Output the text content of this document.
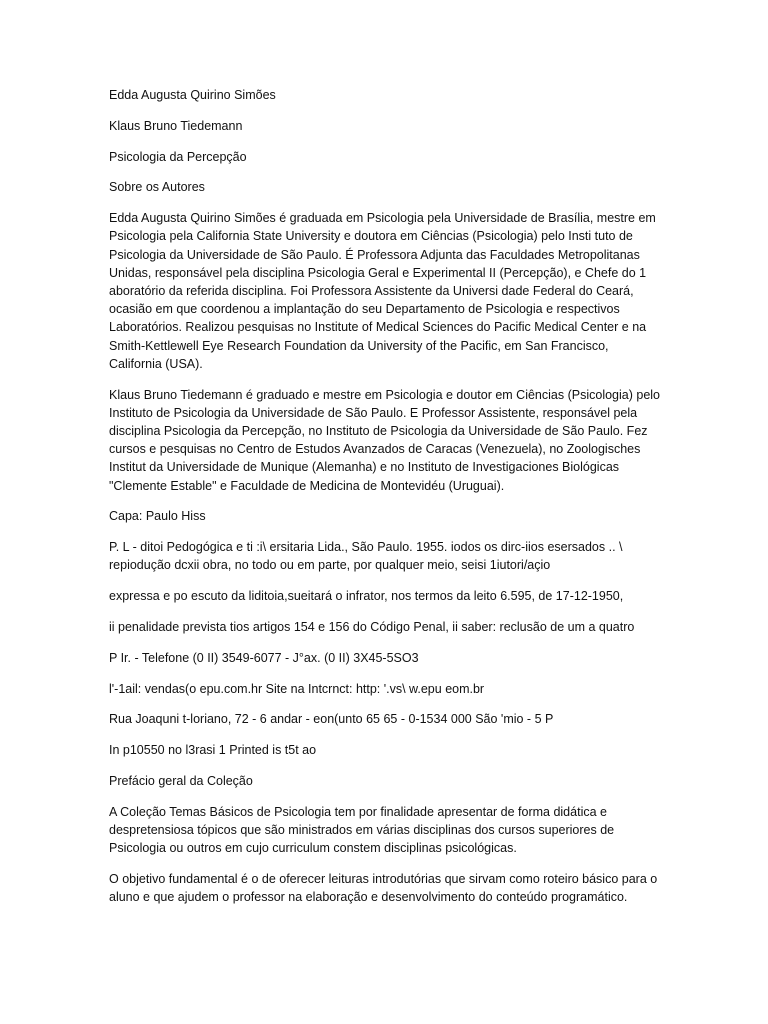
Edda Augusta Quirino Simões

Klaus Bruno Tiedemann

Psicologia da Percepção

Sobre os Autores

Edda Augusta Quirino Simões é graduada em Psicologia pela Universidade de Brasília, mestre em Psicologia pela California State University e doutora em Ciências (Psicologia) pelo Insti tuto de Psicologia da Universidade de São Paulo. É Professora Adjunta das Faculdades Metropolitanas Unidas, responsável pela disciplina Psicologia Geral e Experimental II (Percepção), e Chefe do 1 aboratório da referida disciplina. Foi Professora Assistente da Universi dade Federal do Ceará, ocasião em que coordenou a implantação do seu Departamento de Psicologia e respectivos Laboratórios. Realizou pesquisas no Institute of Medical Sciences do Pacific Medical Center e na Smith-Kettlewell Eye Research Foundation da University of the Pacific, em San Francisco, California (USA).

Klaus Bruno Tiedemann é graduado e mestre em Psicologia e doutor em Ciências (Psicologia) pelo Instituto de Psicologia da Universidade de São Paulo. E Professor Assistente, responsável pela disciplina Psicologia da Percepção, no Instituto de Psicologia da Universidade de São Paulo. Fez cursos e pesquisas no Centro de Estudos Avanzados de Caracas (Venezuela), no Zoologisches Institut da Universidade de Munique (Alemanha) e no Instituto de Investigaciones Biológicas "Clemente Estable" e Faculdade de Medicina de Montevidéu (Uruguai).

Capa: Paulo Hiss

P. L - ditoi Pedogógica e ti :i\ ersitaria Lida., São Paulo. 1955. iodos os dirc-iios esersados .. \ repiodução dcxii obra, no todo ou em parte, por qualquer meio, seisi 1iutori/açio

expressa e po escuto da liditoia,sueitará o infrator, nos termos da leito 6.595, de 17-12-1950,

ii penalidade prevista tios artigos 154 e 156 do Código Penal, ii saber: reclusão de um a quatro

P Ir. - Telefone (0 II) 3549-6077 - J°ax. (0 II) 3X45-5SO3

l'-1ail: vendas(o epu.com.hr Site na Intcrnct: http: '.vs\ w.epu eom.br

Rua Joaquni t-loriano, 72 - 6 andar - eon(unto 65 65 - 0-1534 000 São 'mio - 5 P

In p10550 no l3rasi 1 Printed is t5t ao

Prefácio geral da Coleção

A Coleção Temas Básicos de Psicologia tem por finalidade apresentar de forma didática e despretensiosa tópicos que são ministrados em várias disciplinas dos cursos superiores de Psicologia ou outros em cujo curriculum constem disciplinas psicológicas.

O objetivo fundamental é o de oferecer leituras introdutórias que sirvam como roteiro básico para o aluno e que ajudem o professor na elaboração e desenvolvimento do conteúdo programático.
